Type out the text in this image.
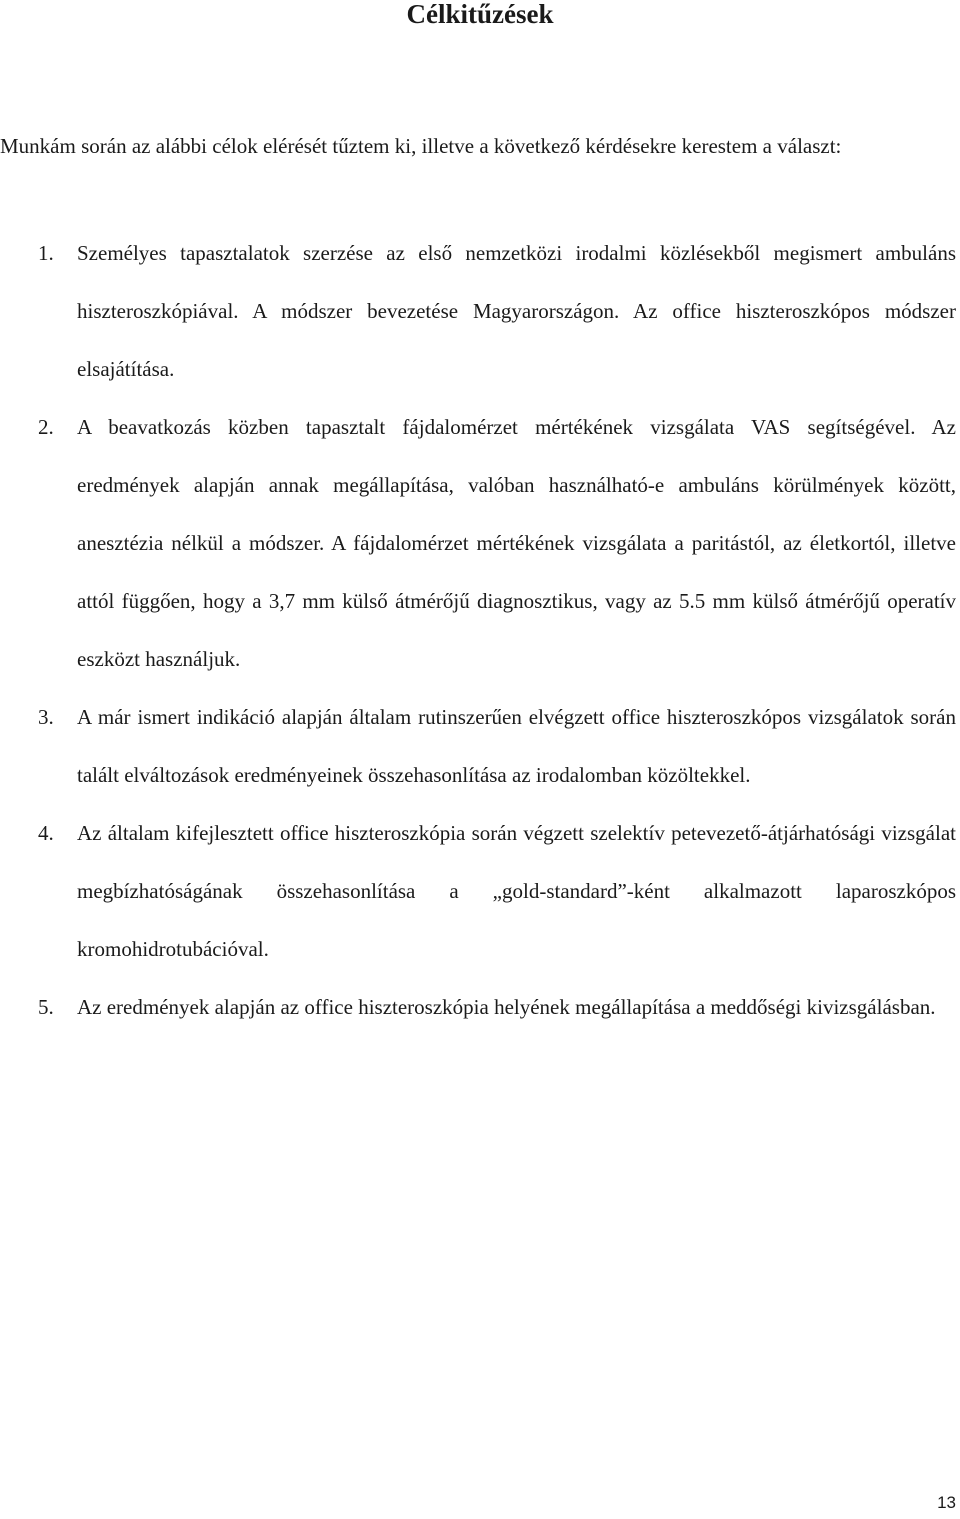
Célkitűzések

Munkám során az alábbi célok elérését tűztem ki, illetve a következő kérdésekre kerestem a választ:

1. Személyes tapasztalatok szerzése az első nemzetközi irodalmi közlésekből megismert ambuláns hiszteroszkópiával. A módszer bevezetése Magyarországon. Az office hiszteroszkópos módszer elsajátítása.
2. A beavatkozás közben tapasztalt fájdalomérzet mértékének vizsgálata VAS segítségével. Az eredmények alapján annak megállapítása, valóban használható-e ambuláns körülmények között, anesztézia nélkül a módszer. A fájdalomérzet mértékének vizsgálata a paritástól, az életkortól, illetve attól függően, hogy a 3,7 mm külső átmérőjű diagnosztikus, vagy az 5.5 mm külső átmérőjű operatív eszközt használjuk.
3. A már ismert indikáció alapján általam rutinszerűen elvégzett office hiszteroszkópos vizsgálatok során talált elváltozások eredményeinek összehasonlítása az irodalomban közöltekkel.
4. Az általam kifejlesztett office hiszteroszkópia során végzett szelektív petevezető-átjárhatósági vizsgálat megbízhatóságának összehasonlítása a „gold-standard”-ként alkalmazott laparoszkópos kromohidrotubációval.
5. Az eredmények alapján az office hiszteroszkópia helyének megállapítása a meddőségi kivizsgálásban.
13
